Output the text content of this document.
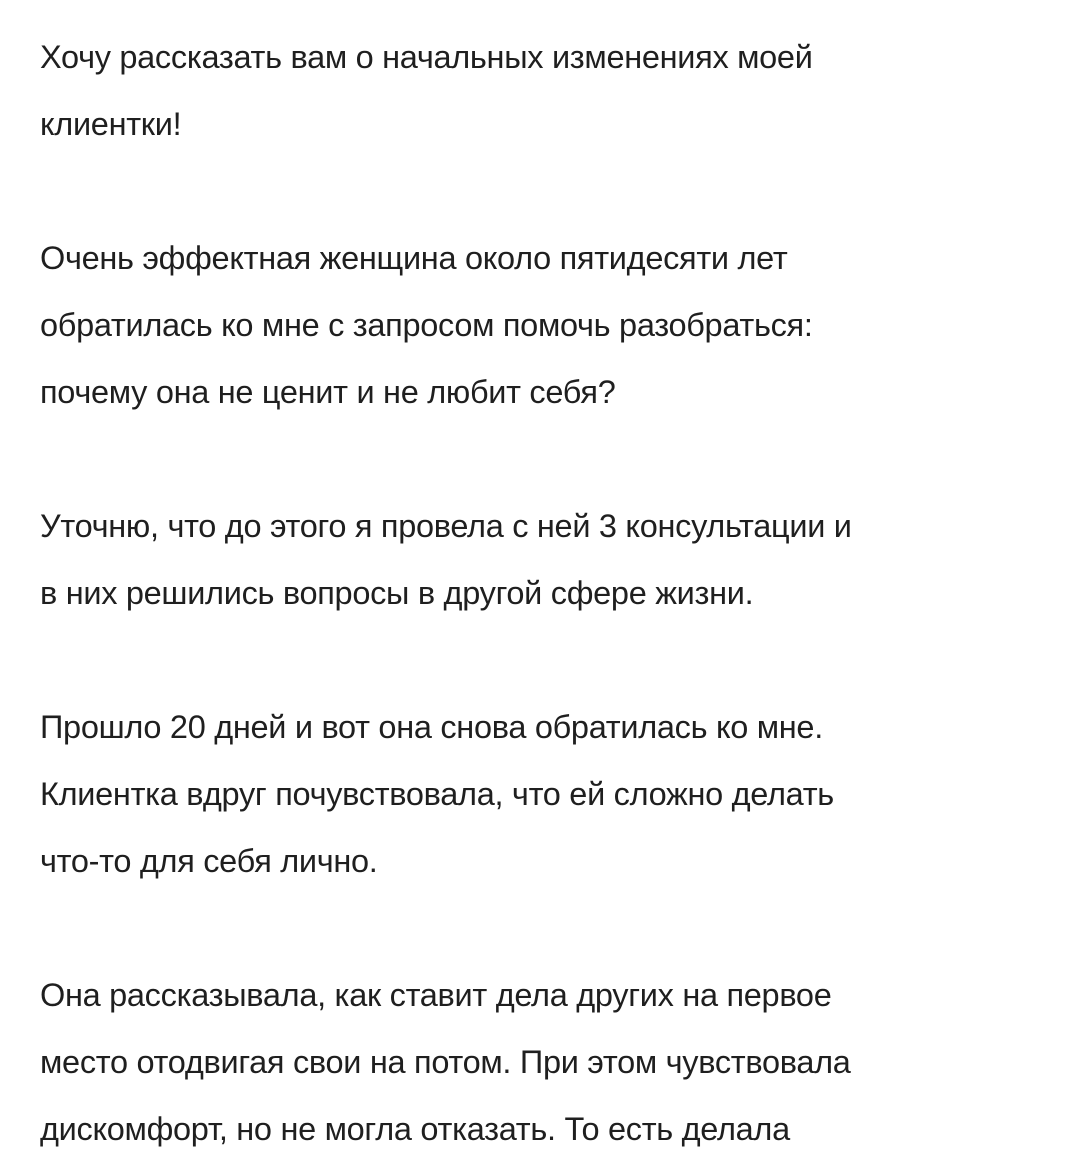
Хочу рассказать вам о начальных изменениях моей
клиентки!
Очень эффектная женщина около пятидесяти лет
обратилась ко мне с запросом помочь разобраться:
почему она не ценит и не любит себя?
Уточню, что до этого я провела с ней 3 консультации и
в них решились вопросы в другой сфере жизни.
Прошло 20 дней и вот она снова обратилась ко мне.
Клиентка вдруг почувствовала, что ей сложно делать
что-то для себя лично.
Она рассказывала, как ставит дела других на первое
место отодвигая свои на потом. При этом чувствовала
дискомфорт, но не могла отказать. То есть делала
